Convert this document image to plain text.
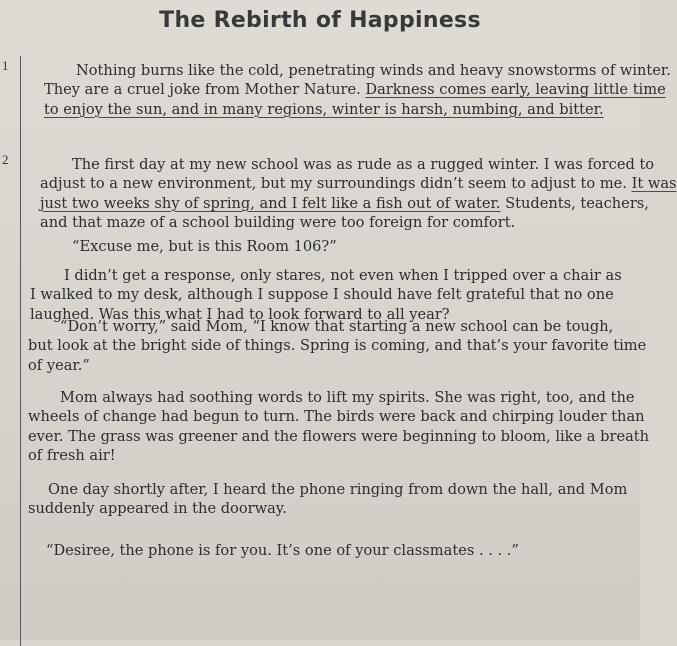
The Rebirth of Happiness
1
2
Nothing burns like the cold, penetrating winds and heavy snowstorms of winter.
They are a cruel joke from Mother Nature. Darkness comes early, leaving little time
to enjoy the sun, and in many regions, winter is harsh, numbing, and bitter.
The first day at my new school was as rude as a rugged winter. I was forced to
adjust to a new environment, but my surroundings didn’t seem to adjust to me. It was
just two weeks shy of spring, and I felt like a fish out of water. Students, teachers,
and that maze of a school building were too foreign for comfort.
“Excuse me, but is this Room 106?”
I didn’t get a response, only stares, not even when I tripped over a chair as
I walked to my desk, although I suppose I should have felt grateful that no one
laughed. Was this what I had to look forward to all year?
“Don’t worry,” said Mom, “I know that starting a new school can be tough,
but look at the bright side of things. Spring is coming, and that’s your favorite time
of year.”
Mom always had soothing words to lift my spirits. She was right, too, and the
wheels of change had begun to turn. The birds were back and chirping louder than
ever. The grass was greener and the flowers were beginning to bloom, like a breath
of fresh air!
One day shortly after, I heard the phone ringing from down the hall, and Mom
suddenly appeared in the doorway.
“Desiree, the phone is for you. It’s one of your classmates . . . .”
